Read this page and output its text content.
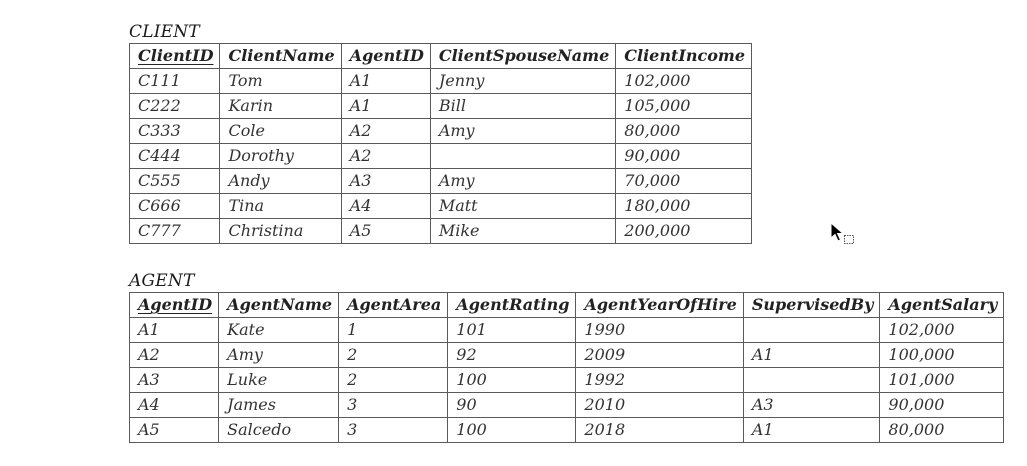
CLIENT
ClientID	ClientName	AgentID	ClientSpouseName	ClientIncome
C111	Tom	A1	Jenny	102,000
C222	Karin	A1	Bill	105,000
C333	Cole	A2	Amy	80,000
C444	Dorothy	A2		90,000
C555	Andy	A3	Amy	70,000
C666	Tina	A4	Matt	180,000
C777	Christina	A5	Mike	200,000
AGENT
AgentID	AgentName	AgentArea	AgentRating	AgentYearOfHire	SupervisedBy	AgentSalary
A1	Kate	1	101	1990		102,000
A2	Amy	2	92	2009	A1	100,000
A3	Luke	2	100	1992		101,000
A4	James	3	90	2010	A3	90,000
A5	Salcedo	3	100	2018	A1	80,000
